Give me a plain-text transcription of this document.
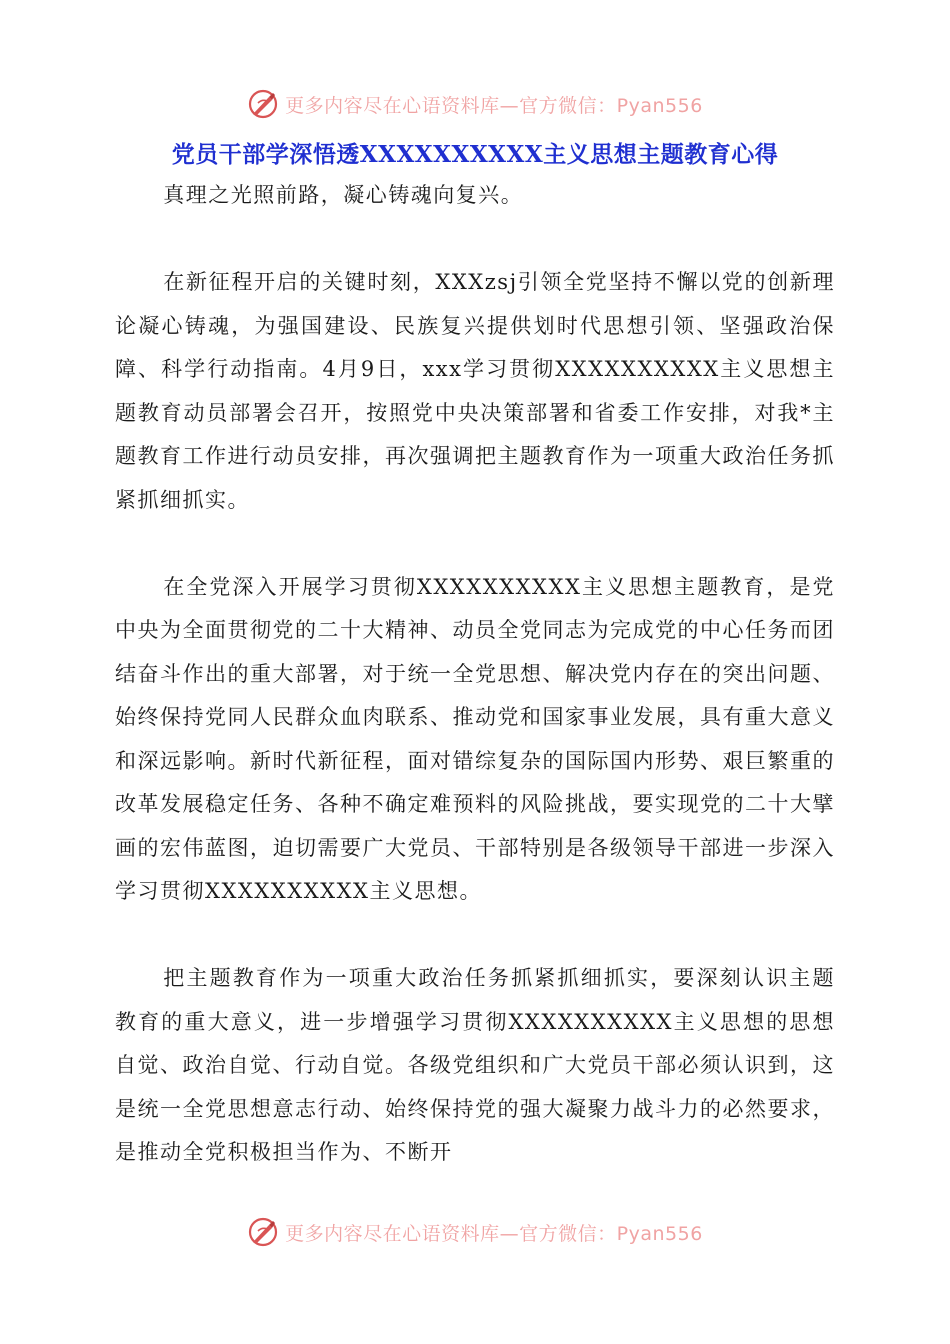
更多内容尽在心语资料库—官方微信：Pyan556
党员干部学深悟透XXXXXXXXXX主义思想主题教育心得

真理之光照前路，凝心铸魂向复兴。

在新征程开启的关键时刻，XXXzsj引领全党坚持不懈以党的创新理论凝心铸魂，为强国建设、民族复兴提供划时代思想引领、坚强政治保障、科学行动指南。4月9日，xxx学习贯彻XXXXXXXXXX主义思想主题教育动员部署会召开，按照党中央决策部署和省委工作安排，对我*主题教育工作进行动员安排，再次强调把主题教育作为一项重大政治任务抓紧抓细抓实。

在全党深入开展学习贯彻XXXXXXXXXX主义思想主题教育，是党中央为全面贯彻党的二十大精神、动员全党同志为完成党的中心任务而团结奋斗作出的重大部署，对于统一全党思想、解决党内存在的突出问题、始终保持党同人民群众血肉联系、推动党和国家事业发展，具有重大意义和深远影响。新时代新征程，面对错综复杂的国际国内形势、艰巨繁重的改革发展稳定任务、各种不确定难预料的风险挑战，要实现党的二十大擘画的宏伟蓝图，迫切需要广大党员、干部特别是各级领导干部进一步深入学习贯彻XXXXXXXXXX主义思想。

把主题教育作为一项重大政治任务抓紧抓细抓实，要深刻认识主题教育的重大意义，进一步增强学习贯彻XXXXXXXXXX主义思想的思想自觉、政治自觉、行动自觉。各级党组织和广大党员干部必须认识到，这是统一全党思想意志行动、始终保持党的强大凝聚力战斗力的必然要求，是推动全党积极担当作为、不断开

更多内容尽在心语资料库—官方微信：Pyan556
